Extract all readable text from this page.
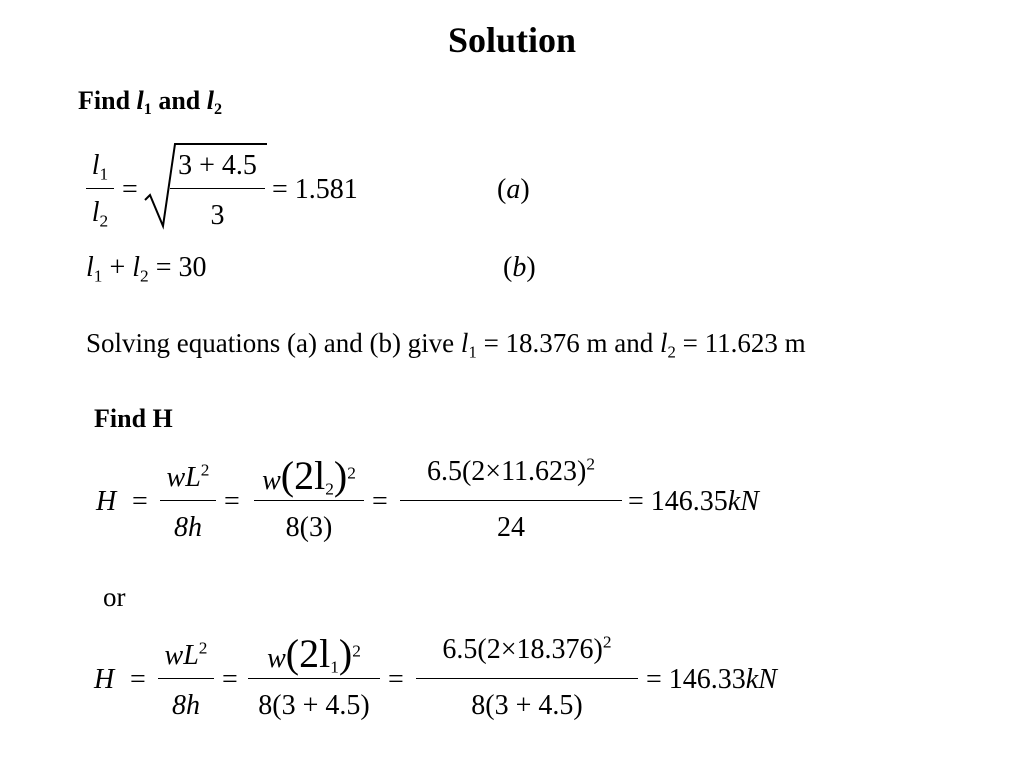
Solution
Find $l_1$ and $l_2$
$l_1$
$l_2$
=
3 + 4.5
3
= 1.581	(a)
$l_1 + l_2 = 30$	(b)
Solving equations (a) and (b) give $l_1 = 18.376$ m and $l_2 = 11.623$ m
Find H
H =
$wL^2$
8h
=
$w(2l_2)^2$
8(3)
=
$6.5(2\times 11.623)^2$
24
= 146.35kN
or
H =
$wL^2$
8h
=
$w(2l_1)^2$
8(3 + 4.5)
=
$6.5(2\times 18.376)^2$
8(3 + 4.5)
= 146.33kN
